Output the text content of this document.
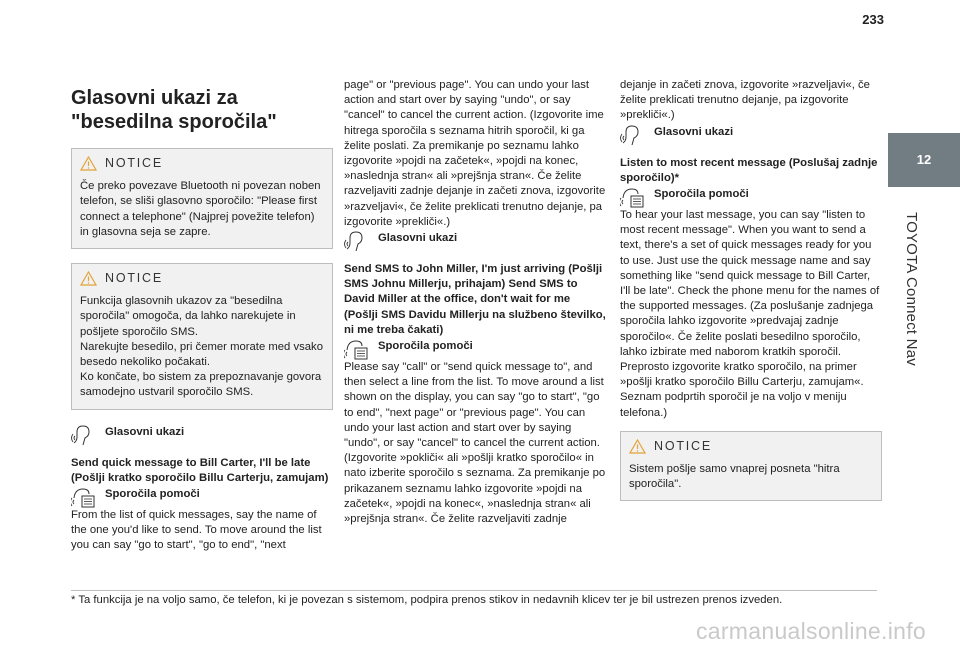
233
12
TOYOTA Connect Nav
Glasovni ukazi za "besedilna sporočila"
NOTICE

Če preko povezave Bluetooth ni povezan noben telefon, se sliši glasovno sporočilo: "Please first connect a telephone" (Najprej povežite telefon) in glasovna seja se zapre.

NOTICE

Funkcija glasovnih ukazov za "besedilna sporočila" omogoča, da lahko narekujete in pošljete sporočilo SMS.

Narekujte besedilo, pri čemer morate med vsako besedo nekoliko počakati.

Ko končate, bo sistem za prepoznavanje govora samodejno ustvaril sporočilo SMS.

Glasovni ukazi

Send quick message to Bill Carter, I'll be late (Pošlji kratko sporočilo Billu Carterju, zamujam)

Sporočila pomoči

From the list of quick messages, say the name of the one you'd like to send. To move around the list you can say "go to start", "go to end", "next

page" or "previous page". You can undo your last action and start over by saying "undo", or say "cancel" to cancel the current action. (Izgovorite ime hitrega sporočila s seznama hitrih sporočil, ki ga želite poslati. Za premikanje po seznamu lahko izgovorite »pojdi na začetek«, »pojdi na konec, »naslednja stran« ali »prejšnja stran«. Če želite razveljaviti zadnje dejanje in začeti znova, izgovorite »razveljavi«, če želite preklicati trenutno dejanje, pa izgovorite »prekliči«.)

Glasovni ukazi

Send SMS to John Miller, I'm just arriving (Pošlji SMS Johnu Millerju, prihajam) Send SMS to David Miller at the office, don't wait for me (Pošlji SMS Davidu Millerju na službeno številko, ni me treba čakati)

Sporočila pomoči

Please say "call" or "send quick message to", and then select a line from the list. To move around a list shown on the display, you can say "go to start", "go to end", "next page" or "previous page". You can undo your last action and start over by saying "undo", or say "cancel" to cancel the current action. (Izgovorite »pokliči« ali »pošlji kratko sporočilo« in nato izberite sporočilo s seznama. Za premikanje po prikazanem seznamu lahko izgovorite »pojdi na začetek«, »pojdi na konec«, »naslednja stran« ali »prejšnja stran«. Če želite razveljaviti zadnje

dejanje in začeti znova, izgovorite »razveljavi«, če želite preklicati trenutno dejanje, pa izgovorite »prekliči«.)

Glasovni ukazi

Listen to most recent message (Poslušaj zadnje sporočilo)*

Sporočila pomoči

To hear your last message, you can say "listen to most recent message". When you want to send a text, there's a set of quick messages ready for you to use. Just use the quick message name and say something like "send quick message to Bill Carter, I'll be late". Check the phone menu for the names of the supported messages. (Za poslušanje zadnjega sporočila lahko izgovorite »predvajaj zadnje sporočilo«. Če želite poslati besedilno sporočilo, lahko izbirate med naborom kratkih sporočil. Preprosto izgovorite kratko sporočilo, na primer »pošlji kratko sporočilo Billu Carterju, zamujam«. Seznam podprtih sporočil je na voljo v meniju telefona.)

NOTICE

Sistem pošlje samo vnaprej posneta "hitra sporočila".

* Ta funkcija je na voljo samo, če telefon, ki je povezan s sistemom, podpira prenos stikov in nedavnih klicev ter je bil ustrezen prenos izveden.
carmanualsonline.info
